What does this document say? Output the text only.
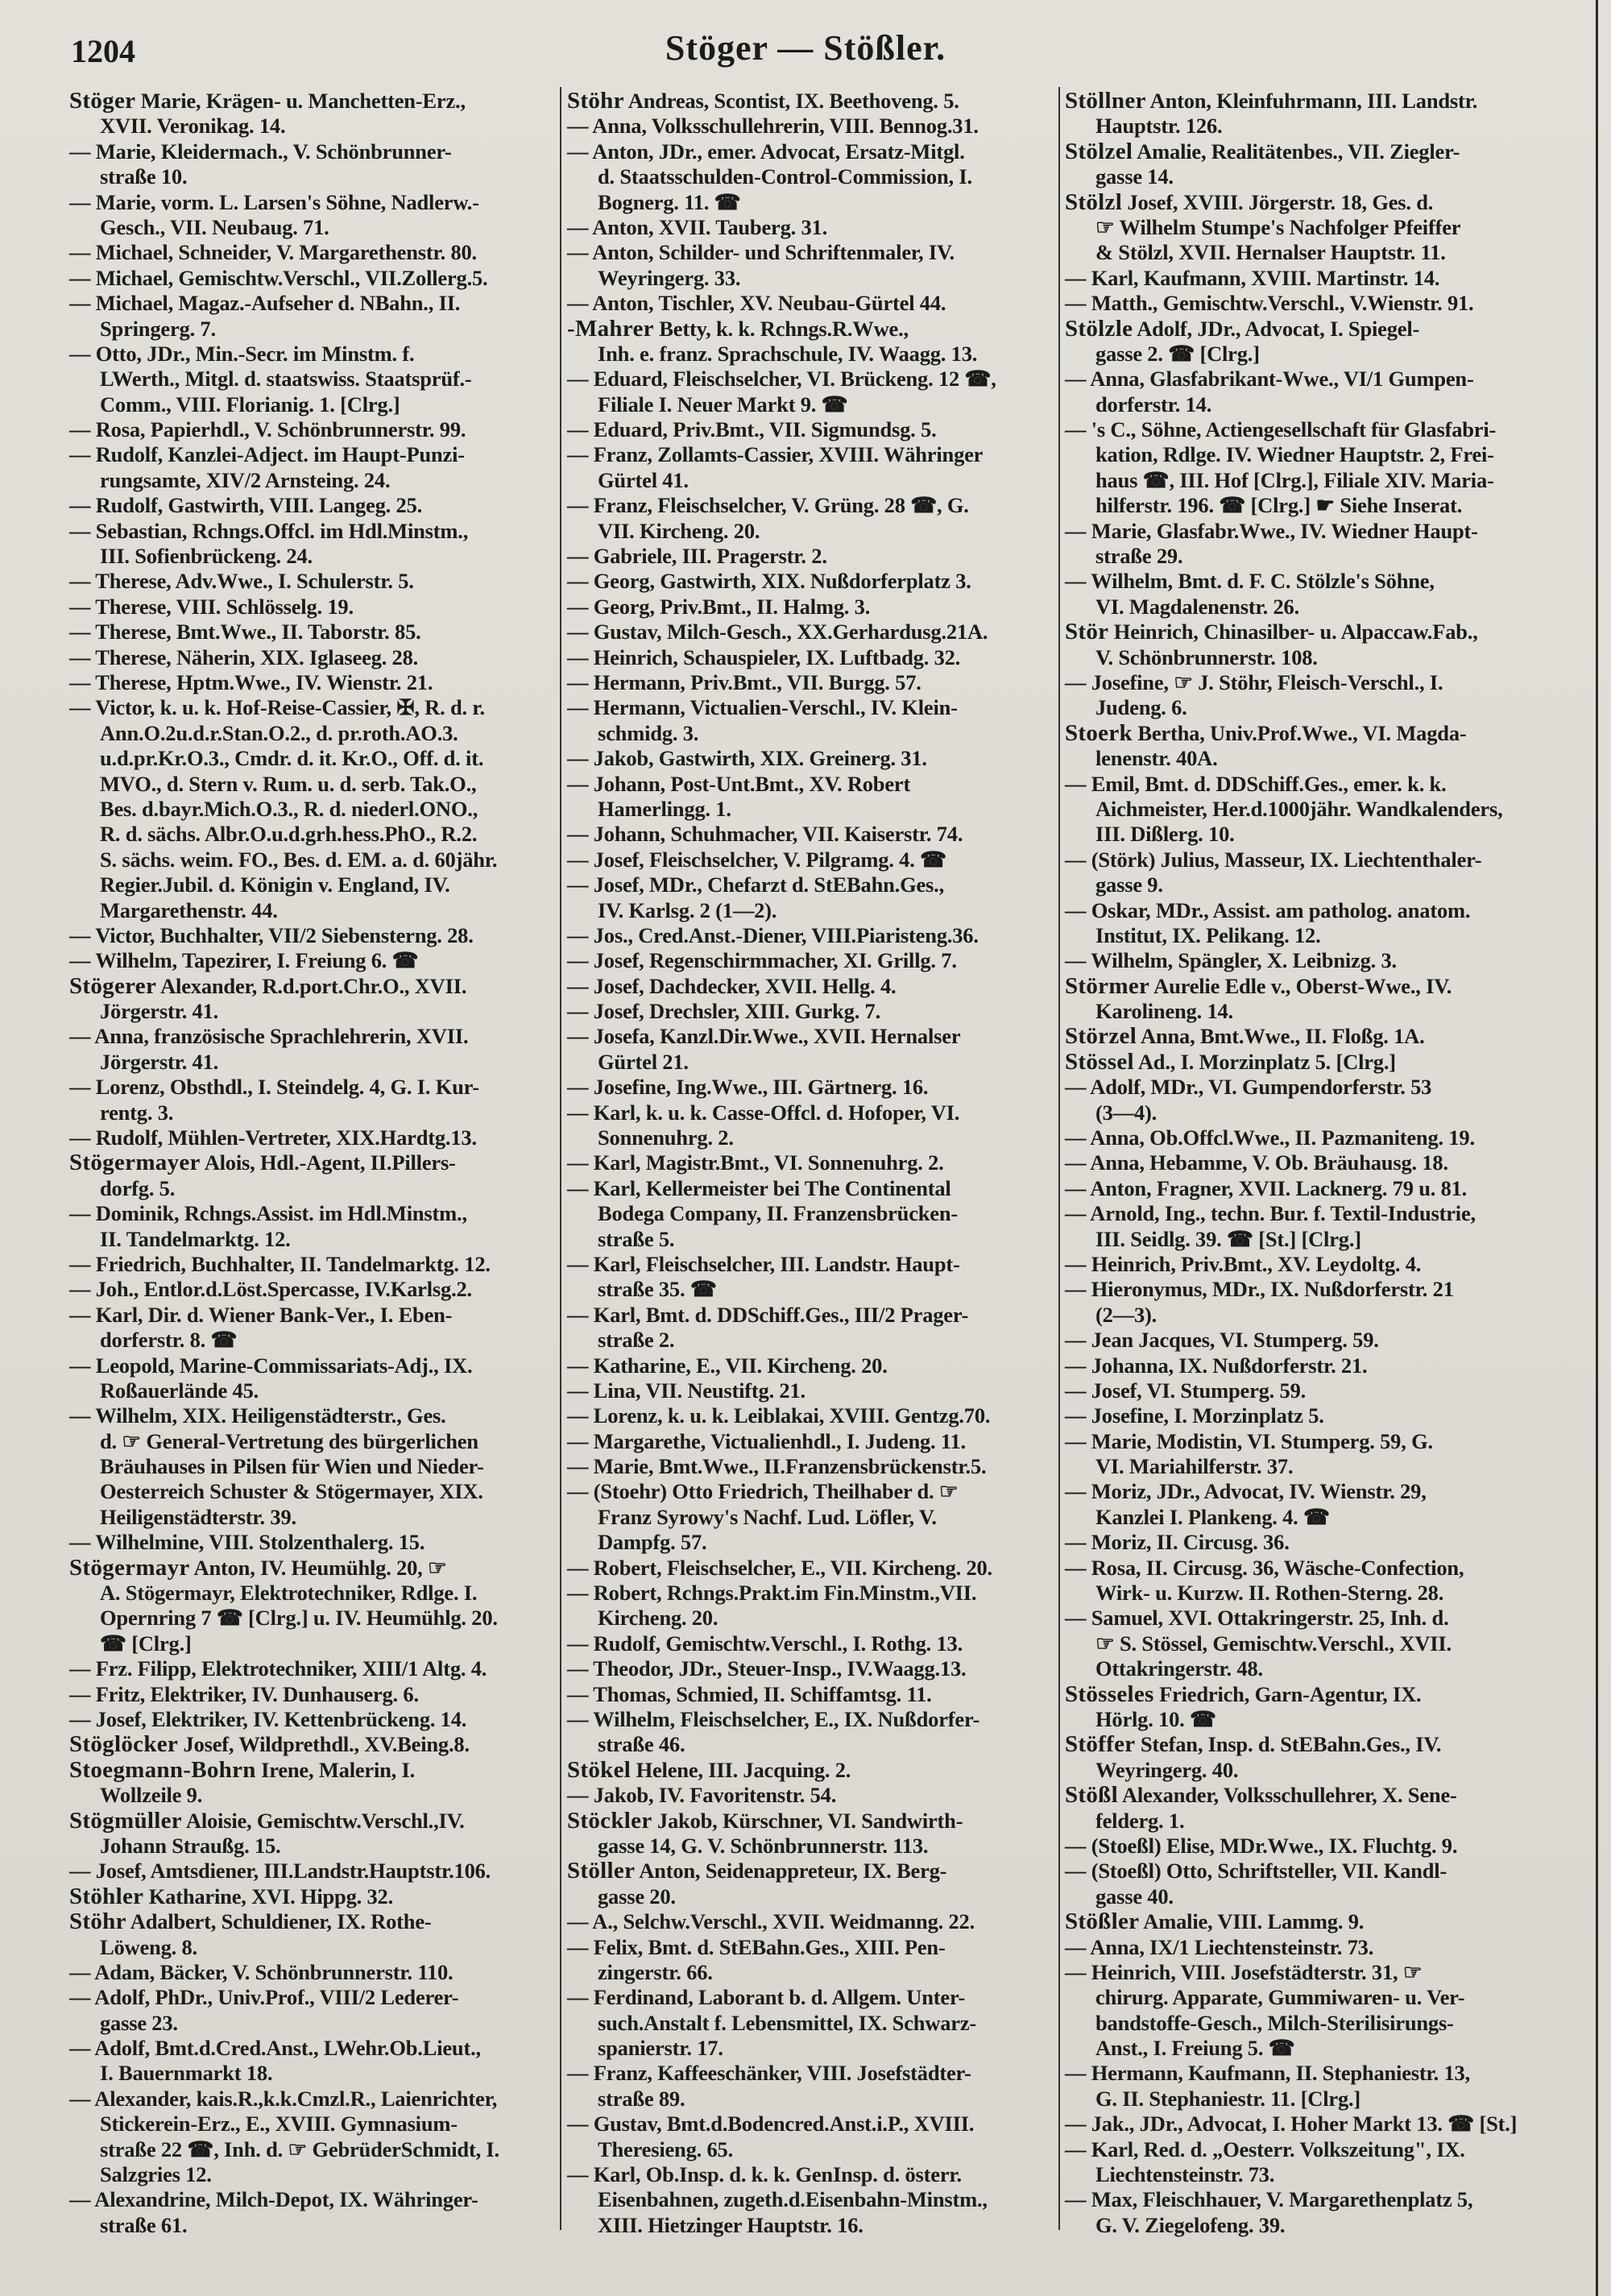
1204	Stöger — Stößler.
Stöger Marie, Krägen- u. Manchetten-Erz.,
XVII. Veronikag. 14.
— Marie, Kleidermach., V. Schönbrunner-
straße 10.
— Marie, vorm. L. Larsen's Söhne, Nadlerw.-
Gesch., VII. Neubaug. 71.
— Michael, Schneider, V. Margarethenstr. 80.
— Michael, Gemischtw.Verschl., VII.Zollerg.5.
— Michael, Magaz.-Aufseher d. NBahn., II.
Springerg. 7.
— Otto, JDr., Min.-Secr. im Minstm. f.
LWerth., Mitgl. d. staatswiss. Staatsprüf.-
Comm., VIII. Florianig. 1. [Clrg.]
— Rosa, Papierhdl., V. Schönbrunnerstr. 99.
— Rudolf, Kanzlei-Adject. im Haupt-Punzi-
rungsamte, XIV/2 Arnsteing. 24.
— Rudolf, Gastwirth, VIII. Langeg. 25.
— Sebastian, Rchngs.Offcl. im Hdl.Minstm.,
III. Sofienbrückeng. 24.
— Therese, Adv.Wwe., I. Schulerstr. 5.
— Therese, VIII. Schlösselg. 19.
— Therese, Bmt.Wwe., II. Taborstr. 85.
— Therese, Näherin, XIX. Iglaseeg. 28.
— Therese, Hptm.Wwe., IV. Wienstr. 21.
— Victor, k. u. k. Hof-Reise-Cassier, ✠, R. d. r.
Ann.O.2u.d.r.Stan.O.2., d. pr.roth.AO.3.
u.d.pr.Kr.O.3., Cmdr. d. it. Kr.O., Off. d. it.
MVO., d. Stern v. Rum. u. d. serb. Tak.O.,
Bes. d.bayr.Mich.O.3., R. d. niederl.ONO.,
R. d. sächs. Albr.O.u.d.grh.hess.PhO., R.2.
S. sächs. weim. FO., Bes. d. EM. a. d. 60jähr.
Regier.Jubil. d. Königin v. England, IV.
Margarethenstr. 44.
— Victor, Buchhalter, VII/2 Siebensterng. 28.
— Wilhelm, Tapezirer, I. Freiung 6. ☎
Stögerer Alexander, R.d.port.Chr.O., XVII.
Jörgerstr. 41.
— Anna, französische Sprachlehrerin, XVII.
Jörgerstr. 41.
— Lorenz, Obsthdl., I. Steindelg. 4, G. I. Kur-
rentg. 3.
— Rudolf, Mühlen-Vertreter, XIX.Hardtg.13.
Stögermayer Alois, Hdl.-Agent, II.Pillers-
dorfg. 5.
— Dominik, Rchngs.Assist. im Hdl.Minstm.,
II. Tandelmarktg. 12.
— Friedrich, Buchhalter, II. Tandelmarktg. 12.
— Joh., Entlor.d.Löst.Spercasse, IV.Karlsg.2.
— Karl, Dir. d. Wiener Bank-Ver., I. Eben-
dorferstr. 8. ☎
— Leopold, Marine-Commissariats-Adj., IX.
Roßauerlände 45.
— Wilhelm, XIX. Heiligenstädterstr., Ges.
d. ☞ General-Vertretung des bürgerlichen
Bräuhauses in Pilsen für Wien und Nieder-
Oesterreich Schuster & Stögermayer, XIX.
Heiligenstädterstr. 39.
— Wilhelmine, VIII. Stolzenthalerg. 15.
Stögermayr Anton, IV. Heumühlg. 20, ☞
A. Stögermayr, Elektrotechniker, Rdlge. I.
Opernring 7 ☎ [Clrg.] u. IV. Heumühlg. 20.
☎ [Clrg.]
— Frz. Filipp, Elektrotechniker, XIII/1 Altg. 4.
— Fritz, Elektriker, IV. Dunhauserg. 6.
— Josef, Elektriker, IV. Kettenbrückeng. 14.
Stöglöcker Josef, Wildprethdl., XV.Being.8.
Stoegmann-Bohrn Irene, Malerin, I.
Wollzeile 9.
Stögmüller Aloisie, Gemischtw.Verschl.,IV.
Johann Straußg. 15.
— Josef, Amtsdiener, III.Landstr.Hauptstr.106.
Stöhler Katharine, XVI. Hippg. 32.
Stöhr Adalbert, Schuldiener, IX. Rothe-
Löweng. 8.
— Adam, Bäcker, V. Schönbrunnerstr. 110.
— Adolf, PhDr., Univ.Prof., VIII/2 Lederer-
gasse 23.
— Adolf, Bmt.d.Cred.Anst., LWehr.Ob.Lieut.,
I. Bauernmarkt 18.
— Alexander, kais.R.,k.k.Cmzl.R., Laienrichter,
Stickerein-Erz., E., XVIII. Gymnasium-
straße 22 ☎, Inh. d. ☞ GebrüderSchmidt, I.
Salzgries 12.
— Alexandrine, Milch-Depot, IX. Währinger-
straße 61.
Stöhr Andreas, Scontist, IX. Beethoveng. 5.
— Anna, Volksschullehrerin, VIII. Bennog.31.
— Anton, JDr., emer. Advocat, Ersatz-Mitgl.
d. Staatsschulden-Control-Commission, I.
Bognerg. 11. ☎
— Anton, XVII. Tauberg. 31.
— Anton, Schilder- und Schriftenmaler, IV.
Weyringerg. 33.
— Anton, Tischler, XV. Neubau-Gürtel 44.
-Mahrer Betty, k. k. Rchngs.R.Wwe.,
Inh. e. franz. Sprachschule, IV. Waagg. 13.
— Eduard, Fleischselcher, VI. Brückeng. 12 ☎,
Filiale I. Neuer Markt 9. ☎
— Eduard, Priv.Bmt., VII. Sigmundsg. 5.
— Franz, Zollamts-Cassier, XVIII. Währinger
Gürtel 41.
— Franz, Fleischselcher, V. Grüng. 28 ☎, G.
VII. Kircheng. 20.
— Gabriele, III. Pragerstr. 2.
— Georg, Gastwirth, XIX. Nußdorferplatz 3.
— Georg, Priv.Bmt., II. Halmg. 3.
— Gustav, Milch-Gesch., XX.Gerhardusg.21A.
— Heinrich, Schauspieler, IX. Luftbadg. 32.
— Hermann, Priv.Bmt., VII. Burgg. 57.
— Hermann, Victualien-Verschl., IV. Klein-
schmidg. 3.
— Jakob, Gastwirth, XIX. Greinerg. 31.
— Johann, Post-Unt.Bmt., XV. Robert
Hamerlingg. 1.
— Johann, Schuhmacher, VII. Kaiserstr. 74.
— Josef, Fleischselcher, V. Pilgramg. 4. ☎
— Josef, MDr., Chefarzt d. StEBahn.Ges.,
IV. Karlsg. 2 (1—2).
— Jos., Cred.Anst.-Diener, VIII.Piaristeng.36.
— Josef, Regenschirmmacher, XI. Grillg. 7.
— Josef, Dachdecker, XVII. Hellg. 4.
— Josef, Drechsler, XIII. Gurkg. 7.
— Josefa, Kanzl.Dir.Wwe., XVII. Hernalser
Gürtel 21.
— Josefine, Ing.Wwe., III. Gärtnerg. 16.
— Karl, k. u. k. Casse-Offcl. d. Hofoper, VI.
Sonnenuhrg. 2.
— Karl, Magistr.Bmt., VI. Sonnenuhrg. 2.
— Karl, Kellermeister bei The Continental
Bodega Company, II. Franzensbrücken-
straße 5.
— Karl, Fleischselcher, III. Landstr. Haupt-
straße 35. ☎
— Karl, Bmt. d. DDSchiff.Ges., III/2 Prager-
straße 2.
— Katharine, E., VII. Kircheng. 20.
— Lina, VII. Neustiftg. 21.
— Lorenz, k. u. k. Leiblakai, XVIII. Gentzg.70.
— Margarethe, Victualienhdl., I. Judeng. 11.
— Marie, Bmt.Wwe., II.Franzensbrückenstr.5.
— (Stoehr) Otto Friedrich, Theilhaber d. ☞
Franz Syrowy's Nachf. Lud. Löfler, V.
Dampfg. 57.
— Robert, Fleischselcher, E., VII. Kircheng. 20.
— Robert, Rchngs.Prakt.im Fin.Minstm.,VII.
Kircheng. 20.
— Rudolf, Gemischtw.Verschl., I. Rothg. 13.
— Theodor, JDr., Steuer-Insp., IV.Waagg.13.
— Thomas, Schmied, II. Schiffamtsg. 11.
— Wilhelm, Fleischselcher, E., IX. Nußdorfer-
straße 46.
Stökel Helene, III. Jacquing. 2.
— Jakob, IV. Favoritenstr. 54.
Stöckler Jakob, Kürschner, VI. Sandwirth-
gasse 14, G. V. Schönbrunnerstr. 113.
Stöller Anton, Seidenappreteur, IX. Berg-
gasse 20.
— A., Selchw.Verschl., XVII. Weidmanng. 22.
— Felix, Bmt. d. StEBahn.Ges., XIII. Pen-
zingerstr. 66.
— Ferdinand, Laborant b. d. Allgem. Unter-
such.Anstalt f. Lebensmittel, IX. Schwarz-
spanierstr. 17.
— Franz, Kaffeeschänker, VIII. Josefstädter-
straße 89.
— Gustav, Bmt.d.Bodencred.Anst.i.P., XVIII.
Theresieng. 65.
— Karl, Ob.Insp. d. k. k. GenInsp. d. österr.
Eisenbahnen, zugeth.d.Eisenbahn-Minstm.,
XIII. Hietzinger Hauptstr. 16.
Stöllner Anton, Kleinfuhrmann, III. Landstr.
Hauptstr. 126.
Stölzel Amalie, Realitätenbes., VII. Ziegler-
gasse 14.
Stölzl Josef, XVIII. Jörgerstr. 18, Ges. d.
☞ Wilhelm Stumpe's Nachfolger Pfeiffer
& Stölzl, XVII. Hernalser Hauptstr. 11.
— Karl, Kaufmann, XVIII. Martinstr. 14.
— Matth., Gemischtw.Verschl., V.Wienstr. 91.
Stölzle Adolf, JDr., Advocat, I. Spiegel-
gasse 2. ☎ [Clrg.]
— Anna, Glasfabrikant-Wwe., VI/1 Gumpen-
dorferstr. 14.
— 's C., Söhne, Actiengesellschaft für Glasfabri-
kation, Rdlge. IV. Wiedner Hauptstr. 2, Frei-
haus ☎, III. Hof [Clrg.], Filiale XIV. Maria-
hilferstr. 196. ☎ [Clrg.] ☛ Siehe Inserat.
— Marie, Glasfabr.Wwe., IV. Wiedner Haupt-
straße 29.
— Wilhelm, Bmt. d. F. C. Stölzle's Söhne,
VI. Magdalenenstr. 26.
Stör Heinrich, Chinasilber- u. Alpaccaw.Fab.,
V. Schönbrunnerstr. 108.
— Josefine, ☞ J. Stöhr, Fleisch-Verschl., I.
Judeng. 6.
Stoerk Bertha, Univ.Prof.Wwe., VI. Magda-
lenenstr. 40A.
— Emil, Bmt. d. DDSchiff.Ges., emer. k. k.
Aichmeister, Her.d.1000jähr. Wandkalenders,
III. Dißlerg. 10.
— (Störk) Julius, Masseur, IX. Liechtenthaler-
gasse 9.
— Oskar, MDr., Assist. am patholog. anatom.
Institut, IX. Pelikang. 12.
— Wilhelm, Spängler, X. Leibnizg. 3.
Störmer Aurelie Edle v., Oberst-Wwe., IV.
Karolineng. 14.
Störzel Anna, Bmt.Wwe., II. Floßg. 1A.
Stössel Ad., I. Morzinplatz 5. [Clrg.]
— Adolf, MDr., VI. Gumpendorferstr. 53
(3—4).
— Anna, Ob.Offcl.Wwe., II. Pazmaniteng. 19.
— Anna, Hebamme, V. Ob. Bräuhausg. 18.
— Anton, Fragner, XVII. Lacknerg. 79 u. 81.
— Arnold, Ing., techn. Bur. f. Textil-Industrie,
III. Seidlg. 39. ☎ [St.] [Clrg.]
— Heinrich, Priv.Bmt., XV. Leydoltg. 4.
— Hieronymus, MDr., IX. Nußdorferstr. 21
(2—3).
— Jean Jacques, VI. Stumperg. 59.
— Johanna, IX. Nußdorferstr. 21.
— Josef, VI. Stumperg. 59.
— Josefine, I. Morzinplatz 5.
— Marie, Modistin, VI. Stumperg. 59, G.
VI. Mariahilferstr. 37.
— Moriz, JDr., Advocat, IV. Wienstr. 29,
Kanzlei I. Plankeng. 4. ☎
— Moriz, II. Circusg. 36.
— Rosa, II. Circusg. 36, Wäsche-Confection,
Wirk- u. Kurzw. II. Rothen-Sterng. 28.
— Samuel, XVI. Ottakringerstr. 25, Inh. d.
☞ S. Stössel, Gemischtw.Verschl., XVII.
Ottakringerstr. 48.
Stösseles Friedrich, Garn-Agentur, IX.
Hörlg. 10. ☎
Stöffer Stefan, Insp. d. StEBahn.Ges., IV.
Weyringerg. 40.
Stößl Alexander, Volksschullehrer, X. Sene-
felderg. 1.
— (Stoeßl) Elise, MDr.Wwe., IX. Fluchtg. 9.
— (Stoeßl) Otto, Schriftsteller, VII. Kandl-
gasse 40.
Stößler Amalie, VIII. Lammg. 9.
— Anna, IX/1 Liechtensteinstr. 73.
— Heinrich, VIII. Josefstädterstr. 31, ☞
chirurg. Apparate, Gummiwaren- u. Ver-
bandstoffe-Gesch., Milch-Sterilisirungs-
Anst., I. Freiung 5. ☎
— Hermann, Kaufmann, II. Stephaniestr. 13,
G. II. Stephaniestr. 11. [Clrg.]
— Jak., JDr., Advocat, I. Hoher Markt 13. ☎ [St.]
— Karl, Red. d. „Oesterr. Volkszeitung", IX.
Liechtensteinstr. 73.
— Max, Fleischhauer, V. Margarethenplatz 5,
G. V. Ziegelofeng. 39.
